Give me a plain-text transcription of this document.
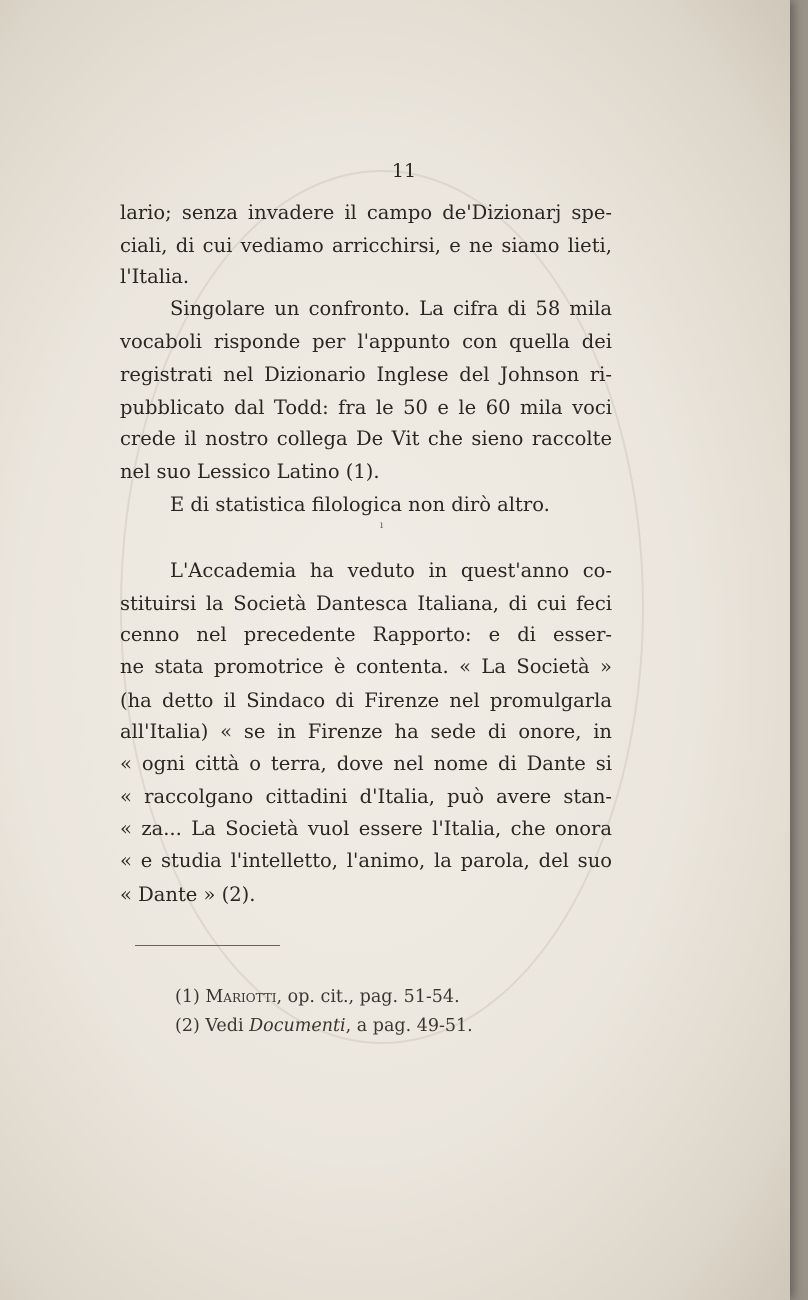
11
lario; senza invadere il campo de'Dizionarj spe-
ciali, di cui vediamo arricchirsi, e ne siamo lieti,
l'Italia.
Singolare un confronto. La cifra di 58 mila
vocaboli risponde per l'appunto con quella dei
registrati nel Dizionario Inglese del Johnson ri-
pubblicato dal Todd: fra le 50 e le 60 mila voci
crede il nostro collega De Vit che sieno raccolte
nel suo Lessico Latino (1).
E di statistica filologica non dirò altro.
L'Accademia ha veduto in quest'anno co-
stituirsi la Società Dantesca Italiana, di cui feci
cenno nel precedente Rapporto: e di esser-
ne stata promotrice è contenta. « La Società »
(ha detto il Sindaco di Firenze nel promulgarla
all'Italia) « se in Firenze ha sede di onore, in
« ogni città o terra, dove nel nome di Dante si
« raccolgano cittadini d'Italia, può avere stan-
« za... La Società vuol essere l'Italia, che onora
« e studia l'intelletto, l'animo, la parola, del suo
« Dante » (2).
ı
(1) Mariotti, op. cit., pag. 51-54.
(2) Vedi Documenti, a pag. 49-51.
